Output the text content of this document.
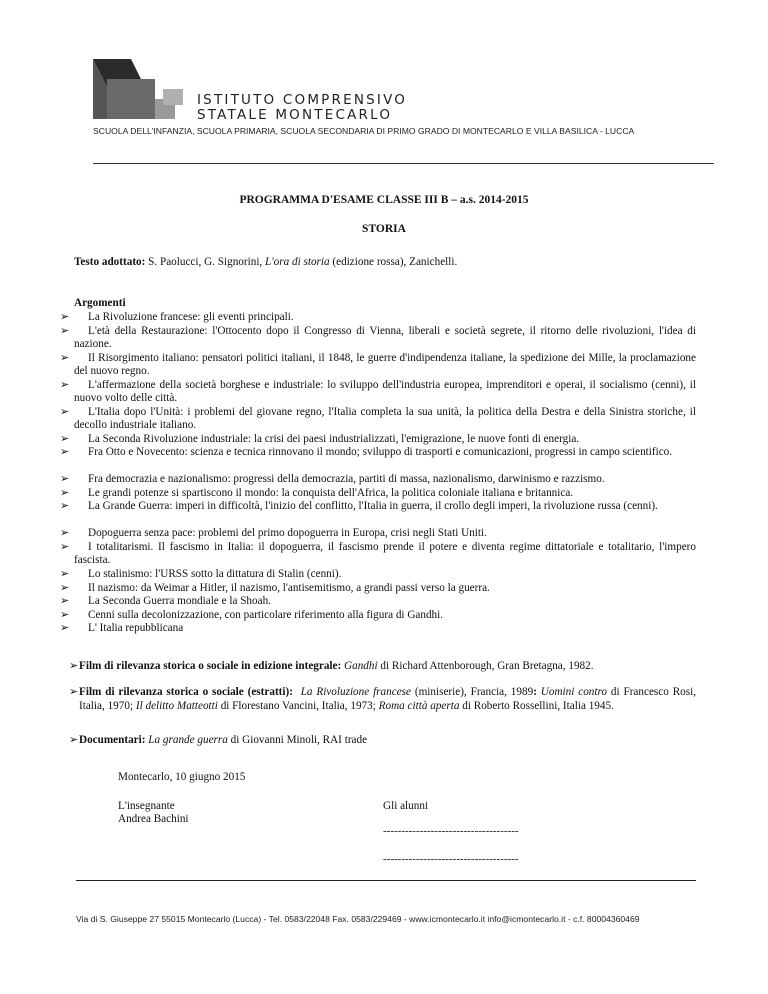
ISTITUTO COMPRENSIVO
STATALE MONTECARLO
SCUOLA DELL'INFANZIA, SCUOLA PRIMARIA, SCUOLA SECONDARIA DI PRIMO GRADO DI MONTECARLO E VILLA BASILICA - LUCCA
PROGRAMMA D'ESAME CLASSE III B – a.s. 2014-2015
STORIA
Testo adottato: S. Paolucci, G. Signorini, L'ora di storia (edizione rossa), Zanichelli.
Argomenti
➢	La Rivoluzione francese: gli eventi principali.

➢	L'età della Restaurazione: l'Ottocento dopo il Congresso di Vienna, liberali e società segrete, il ritorno delle rivoluzioni, l'idea di nazione.

➢	Il Risorgimento italiano: pensatori politici italiani, il 1848, le guerre d'indipendenza italiane, la spedizione dei Mille, la proclamazione del nuovo regno.

➢	L'affermazione della società borghese e industriale: lo sviluppo dell'industria europea, imprenditori e operai, il socialismo (cenni), il nuovo volto delle città.

➢	L'Italia dopo l'Unità: i problemi del giovane regno, l'Italia completa la sua unità, la politica della Destra e della Sinistra storiche, il decollo industriale italiano.

➢	La Seconda Rivoluzione industriale: la crisi dei paesi industrializzati, l'emigrazione, le nuove fonti di energia.

➢	Fra Otto e Novecento: scienza e tecnica rinnovano il mondo; sviluppo di trasporti e comunicazioni, progressi in campo scientifico.

➢	Fra democrazia e nazionalismo: progressi della democrazia, partiti di massa, nazionalismo, darwinismo e razzismo.

➢	Le grandi potenze si spartiscono il mondo: la conquista dell'Africa, la politica coloniale italiana e britannica.

➢	La Grande Guerra: imperi in difficoltà, l'inizio del conflitto, l'Italia in guerra, il crollo degli imperi, la rivoluzione russa (cenni).

➢	Dopoguerra senza pace: problemi del primo dopoguerra in Europa, crisi negli Stati Uniti.

➢	I totalitarismi. Il fascismo in Italia: il dopoguerra, il fascismo prende il potere e diventa regime dittatoriale e totalitario, l'impero fascista.

➢	Lo stalinismo: l'URSS sotto la dittatura di Stalin (cenni).

➢	Il nazismo: da Weimar a Hitler, il nazismo, l'antisemitismo, a grandi passi verso la guerra.

➢	La Seconda Guerra mondiale e la Shoah.

➢	Cenni sulla decolonizzazione, con particolare riferimento alla figura di Gandhi.

➢	L' Italia repubblicana

➢ Film di rilevanza storica o sociale in edizione integrale: Gandhi di Richard Attenborough, Gran Bretagna, 1982.
➢ Film di rilevanza storica o sociale (estratti): La Rivoluzione francese (miniserie), Francia, 1989: Uomini contro di Francesco Rosi, Italia, 1970; Il delitto Matteotti di Florestano Vancini, Italia, 1973; Roma città aperta di Roberto Rossellini, Italia 1945.
➢ Documentari: La grande guerra di Giovanni Minoli, RAI trade
Montecarlo, 10 giugno 2015
L'insegnante
Andrea Bachini
Gli alunni
-------------------------------------
-------------------------------------
Via di S. Giuseppe 27 55015 Montecarlo (Lucca) - Tel. 0583/22048 Fax. 0583/229469 - www.icmontecarlo.it info@icmontecarlo.it - c.f. 80004360469
